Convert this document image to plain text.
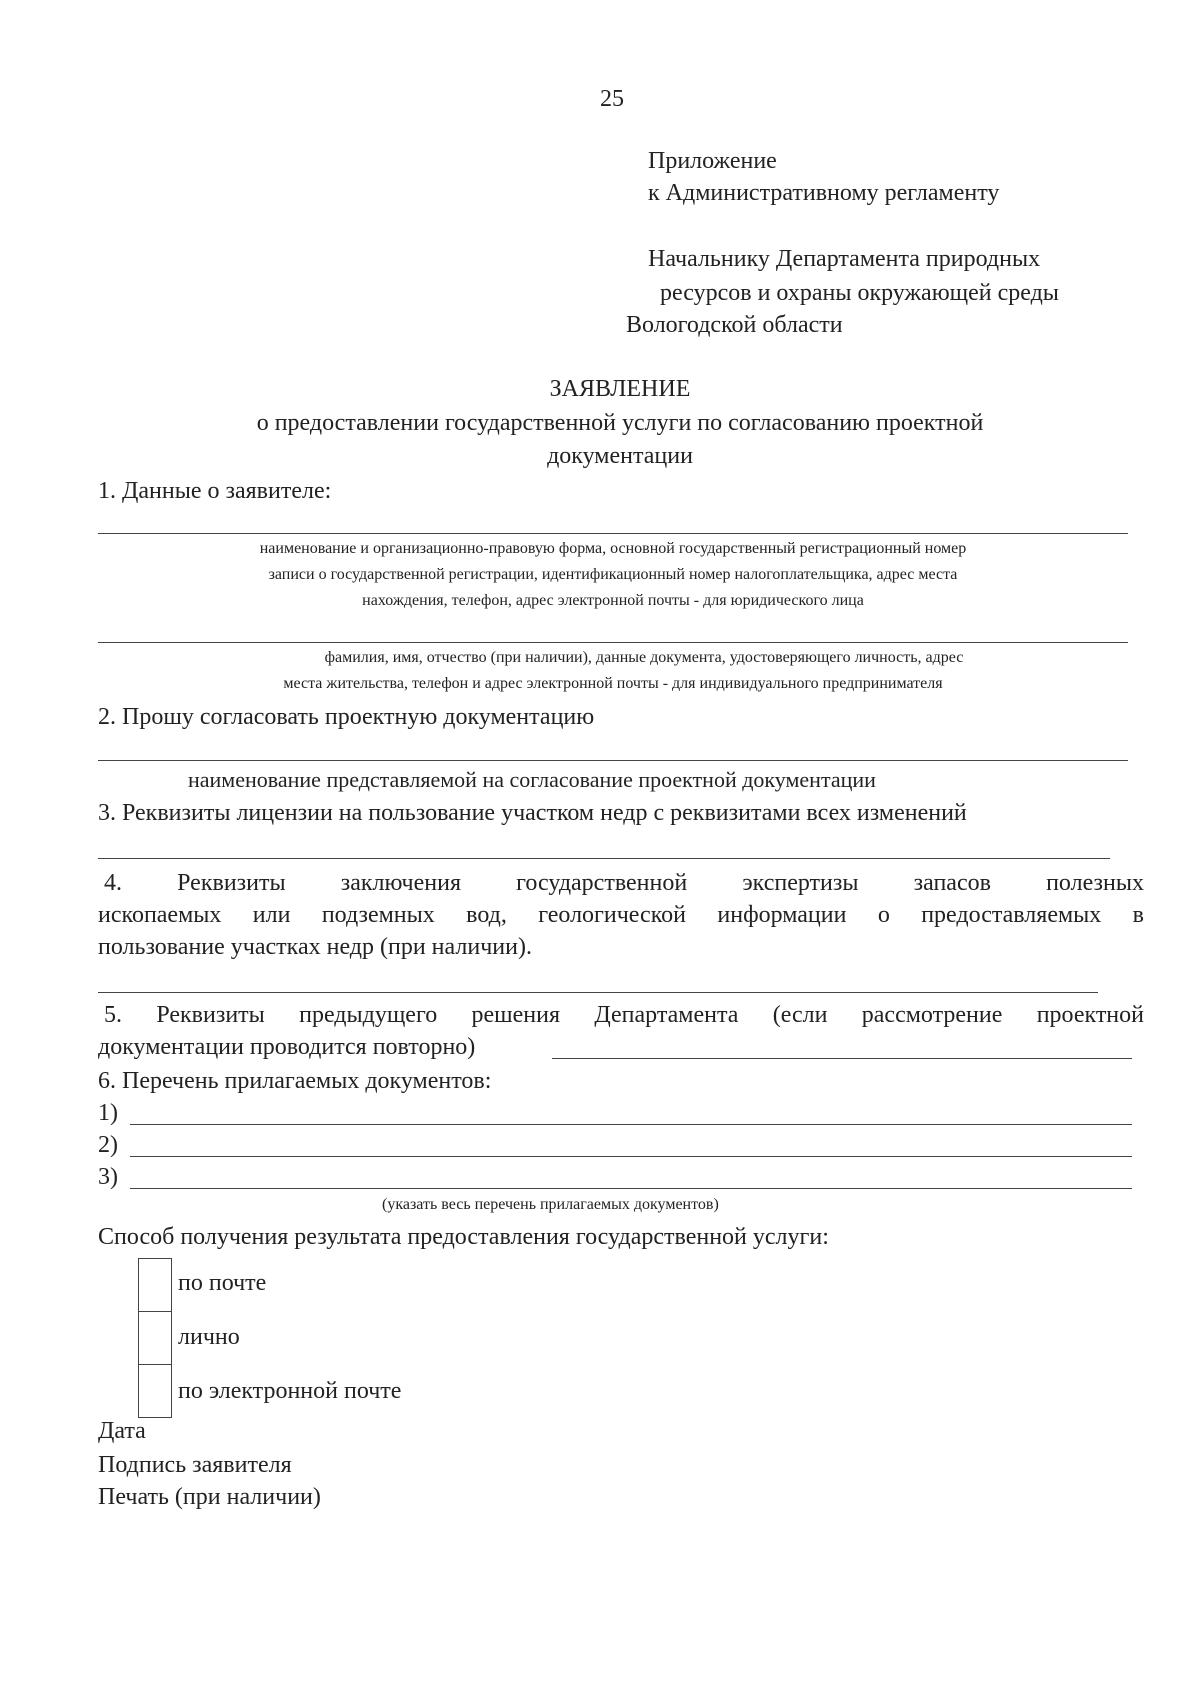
25
Приложение
к Административному регламенту
Начальнику Департамента природных
ресурсов и охраны окружающей среды
Вологодской области
ЗАЯВЛЕНИЕ
о предоставлении государственной услуги по согласованию проектной
документации
1. Данные о заявителе:
наименование и организационно-правовую форма, основной государственный регистрационный номер
записи о государственной регистрации, идентификационный номер налогоплательщика, адрес места
нахождения, телефон, адрес электронной почты - для юридического лица
фамилия, имя, отчество (при наличии), данные документа, удостоверяющего личность, адрес
места жительства, телефон и адрес электронной почты - для индивидуального предпринимателя
2. Прошу согласовать проектную документацию
наименование представляемой на согласование проектной документации
3. Реквизиты лицензии на пользование участком недр с реквизитами всех изменений
4. Реквизиты заключения государственной экспертизы запасов полезных
ископаемых или подземных вод, геологической информации о предоставляемых в
пользование участках недр (при наличии).
5. Реквизиты предыдущего решения Департамента (если рассмотрение проектной
документации проводится повторно)
6. Перечень прилагаемых документов:
1)
2)
3)
(указать весь перечень прилагаемых документов)
Способ получения результата предоставления государственной услуги:
по почте
лично
по электронной почте
Дата
Подпись заявителя
Печать (при наличии)
